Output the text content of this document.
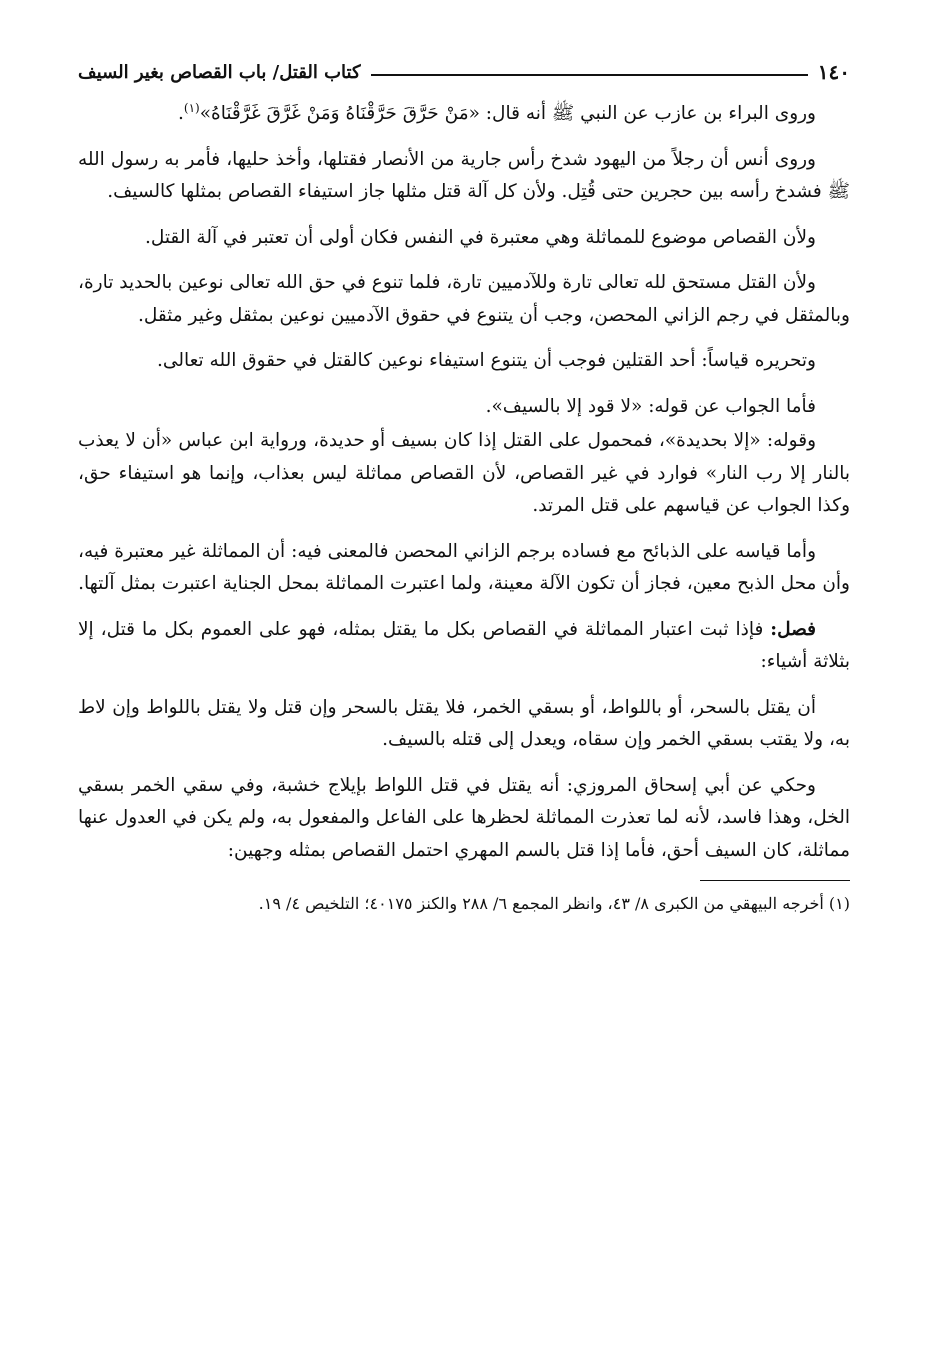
١٤٠
كتاب القتل/ باب القصاص بغير السيف

وروى البراء بن عازب عن النبي ﷺ أنه قال: «مَنْ حَرَّقَ حَرَّقْنَاهُ وَمَنْ غَرَّقَ غَرَّقْنَاهُ»$^{(١)}$.

وروى أنس أن رجلاً من اليهود شدخ رأس جارية من الأنصار فقتلها، وأخذ حليها، فأمر به رسول الله ﷺ فشدخ رأسه بين حجرين حتى قُتِل. ولأن كل آلة قتل مثلها جاز استيفاء القصاص بمثلها كالسيف.

ولأن القصاص موضوع للمماثلة وهي معتبرة في النفس فكان أولى أن تعتبر في آلة القتل.

ولأن القتل مستحق لله تعالى تارة وللآدميين تارة، فلما تنوع في حق الله تعالى نوعين بالحديد تارة، وبالمثقل في رجم الزاني المحصن، وجب أن يتنوع في حقوق الآدميين نوعين بمثقل وغير مثقل.

وتحريره قياساً: أحد القتلين فوجب أن يتنوع استيفاء نوعين كالقتل في حقوق الله تعالى.

فأما الجواب عن قوله: «لا قود إلا بالسيف».

وقوله: «إلا بحديدة»، فمحمول على القتل إذا كان بسيف أو حديدة، ورواية ابن عباس «أن لا يعذب بالنار إلا رب النار» فوارد في غير القصاص، لأن القصاص مماثلة ليس بعذاب، وإنما هو استيفاء حق، وكذا الجواب عن قياسهم على قتل المرتد.

وأما قياسه على الذبائح مع فساده برجم الزاني المحصن فالمعنى فيه: أن المماثلة غير معتبرة فيه، وأن محل الذبح معين، فجاز أن تكون الآلة معينة، ولما اعتبرت المماثلة بمحل الجناية اعتبرت بمثل آلتها.

فصل: فإذا ثبت اعتبار المماثلة في القصاص بكل ما يقتل بمثله، فهو على العموم بكل ما قتل، إلا بثلاثة أشياء:

أن يقتل بالسحر، أو باللواط، أو بسقي الخمر، فلا يقتل بالسحر وإن قتل ولا يقتل باللواط وإن لاط به، ولا يقتب بسقي الخمر وإن سقاه، ويعدل إلى قتله بالسيف.

وحكي عن أبي إسحاق المروزي: أنه يقتل في قتل اللواط بإيلاج خشبة، وفي سقي الخمر بسقي الخل، وهذا فاسد، لأنه لما تعذرت المماثلة لحظرها على الفاعل والمفعول به، ولم يكن في العدول عنها مماثلة، كان السيف أحق، فأما إذا قتل بالسم المهري احتمل القصاص بمثله وجهين:

(١) أخرجه البيهقي من الكبرى ٨/ ٤٣، وانظر المجمع ٦/ ٢٨٨ والكنز ٤٠١٧٥؛ التلخيص ٤/ ١٩.
